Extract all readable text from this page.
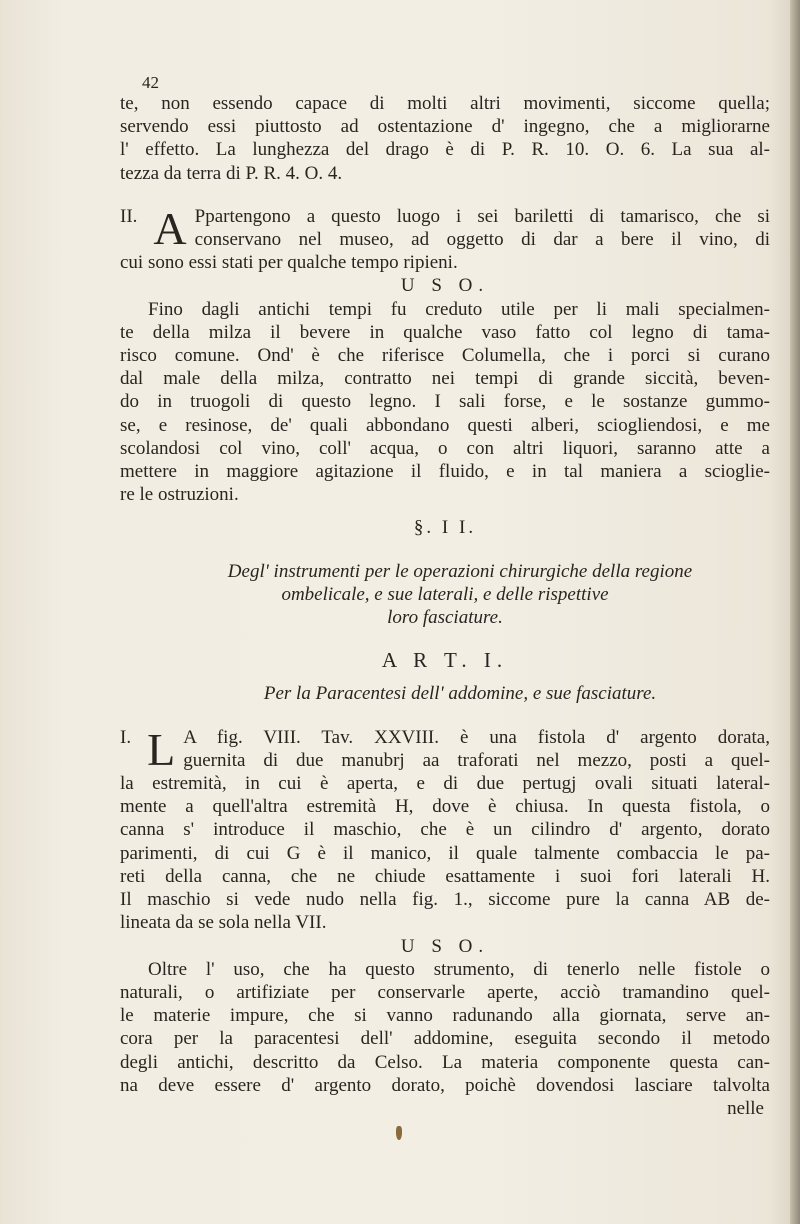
42
te, non essendo capace di molti altri movimenti, siccome quella;
servendo essi piuttosto ad ostentazione d' ingegno, che a migliorarne
l' effetto. La lunghezza del drago è di P. R. 10. O. 6. La sua al-
tezza da terra di P. R. 4. O. 4.
II. A Ppartengono a questo luogo i sei bariletti di tamarisco, che si
conservano nel museo, ad oggetto di dar a bere il vino, di
cui sono essi stati per qualche tempo ripieni.
U S O.
Fino dagli antichi tempi fu creduto utile per li mali specialmen-
te della milza il bevere in qualche vaso fatto col legno di tama-
risco comune. Ond' è che riferisce Columella, che i porci si curano
dal male della milza, contratto nei tempi di grande siccità, beven-
do in truogoli di questo legno. I sali forse, e le sostanze gummo-
se, e resinose, de' quali abbondano questi alberi, sciogliendosi, e me
scolandosi col vino, coll' acqua, o con altri liquori, saranno atte a
mettere in maggiore agitazione il fluido, e in tal maniera a scioglie-
re le ostruzioni.
§. I I.
Degl' instrumenti per le operazioni chirurgiche della regione
ombelicale, e sue laterali, e delle rispettive
loro fasciature.
A R T. I.
Per la Paracentesi dell' addomine, e sue fasciature.
I. L A fig. VIII. Tav. XXVIII. è una fistola d' argento dorata,
guernita di due manubrj aa traforati nel mezzo, posti a quel-
la estremità, in cui è aperta, e di due pertugj ovali situati lateral-
mente a quell'altra estremità H, dove è chiusa. In questa fistola, o
canna s' introduce il maschio, che è un cilindro d' argento, dorato
parimenti, di cui G è il manico, il quale talmente combaccia le pa-
reti della canna, che ne chiude esattamente i suoi fori laterali H.
Il maschio si vede nudo nella fig. 1., siccome pure la canna AB de-
lineata da se sola nella VII.
U S O.
Oltre l' uso, che ha questo strumento, di tenerlo nelle fistole o
naturali, o artifiziate per conservarle aperte, acciò tramandino quel-
le materie impure, che si vanno radunando alla giornata, serve an-
cora per la paracentesi dell' addomine, eseguita secondo il metodo
degli antichi, descritto da Celso. La materia componente questa can-
na deve essere d' argento dorato, poichè dovendosi lasciare talvolta
nelle
